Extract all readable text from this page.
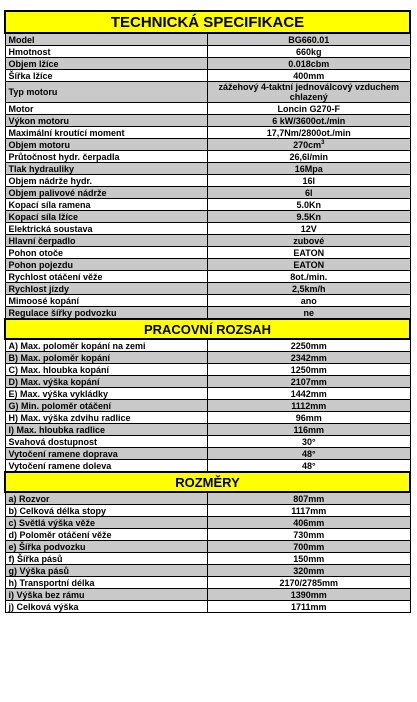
TECHNICKÁ SPECIFIKACE	
Model	BG660.01
Hmotnost	660kg
Objem lžíce	0.018cbm
Šířka lžíce	400mm
Typ motoru	zážehový 4-taktní jednoválcový vzduchem chlazený
Motor	Loncin G270-F
Výkon motoru	6 kW/3600ot./min
Maximální kroutící moment	17,7Nm/2800ot./min
Objem motoru	$270cm^3$
Průtočnost hydr. čerpadla	26,6l/min
Tlak hydrauliky	16Mpa
Objem nádrže hydr.	16l
Objem palivové nádrže	6l
Kopací síla ramena	5.0Kn
Kopací síla lžíce	9.5Kn
Elektrická soustava	12V
Hlavní čerpadlo	zubové
Pohon otoče	EATON
Pohon pojezdu	EATON
Rychlost otáčení věže	8ot./min.
Rychlost jízdy	2,5km/h
Mimoosé kopání	ano
Regulace šířky podvozku	ne
PRACOVNÍ ROZSAH	
A) Max. poloměr kopání na zemi	2250mm
B) Max. poloměr kopání	2342mm
C) Max. hloubka kopání	1250mm
D) Max. výška kopání	2107mm
E) Max. výška vykládky	1442mm
G) Min. poloměr otáčení	1112mm
H) Max. výška zdvihu radlice	96mm
I) Max. hloubka radlice	116mm
Svahová dostupnost	30°
Vytočení ramene doprava	48°
Vytočení ramene doleva	48°
ROZMĚRY	
a) Rozvor	807mm
b) Celková délka stopy	1117mm
c) Světlá výška věže	406mm
d) Poloměr otáčení věže	730mm
e) Šířka podvozku	700mm
f) Šířka pásů	150mm
g) Výška pásů	320mm
h) Transportní délka	2170/2785mm
i) Výška bez rámu	1390mm
j) Celková výška	1711mm
